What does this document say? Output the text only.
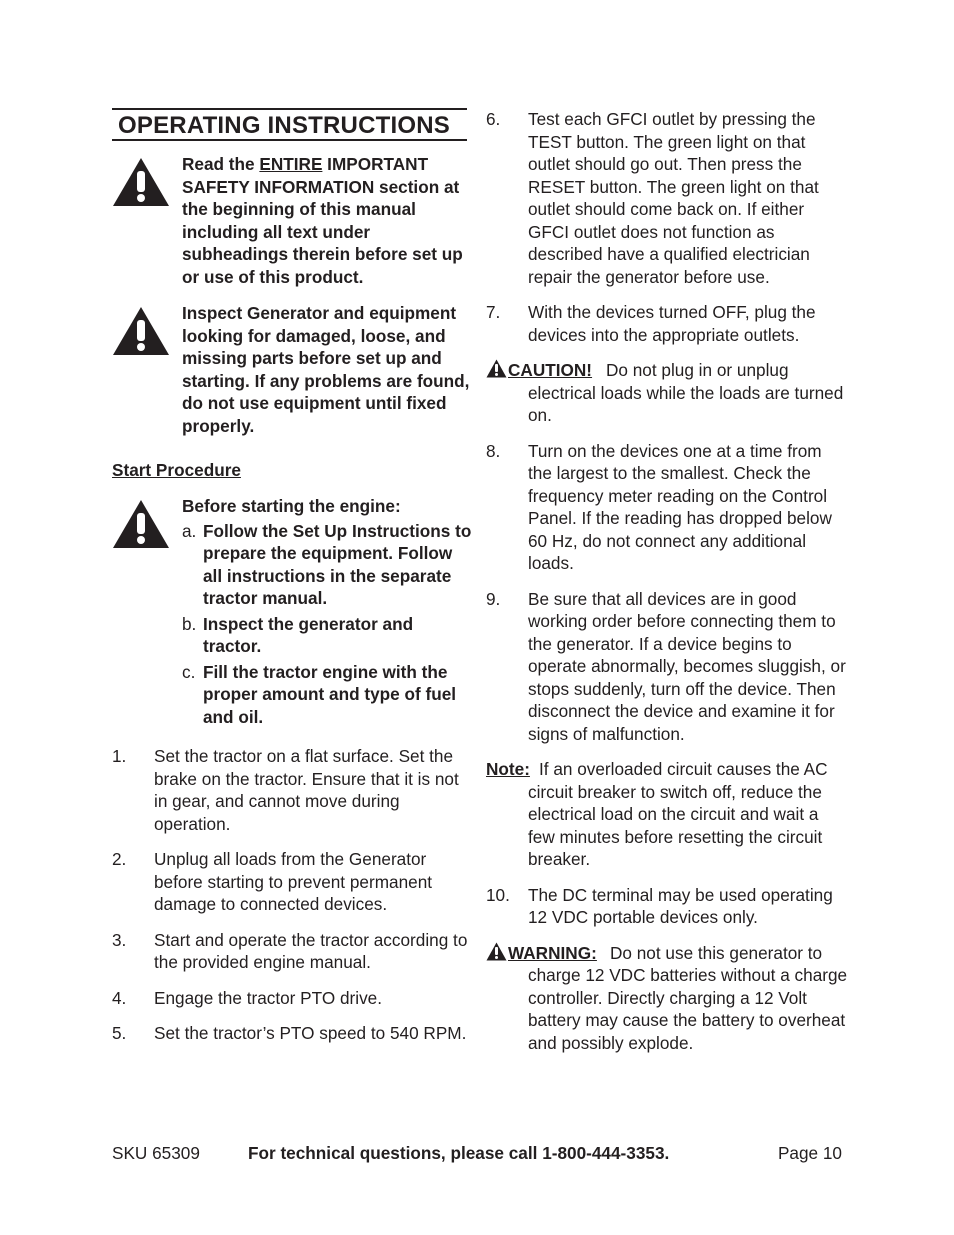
OPERATING INSTRUCTIONS

Read the ENTIRE IMPORTANT SAFETY INFORMATION section at the beginning of this manual including all text under subheadings therein before set up or use of this product.

Inspect Generator and equipment looking for damaged, loose, and missing parts before set up and starting. If any problems are found, do not use equipment until fixed properly.

Start Procedure

Before starting the engine:

a. Follow the Set Up Instructions to prepare the equipment. Follow all instructions in the separate tractor manual.
b. Inspect the generator and tractor.
c. Fill the tractor engine with the proper amount and type of fuel and oil.
1. Set the tractor on a flat surface. Set the brake on the tractor. Ensure that it is not in gear, and cannot move during operation.
2. Unplug all loads from the Generator before starting to prevent permanent damage to connected devices.
3. Start and operate the tractor according to the provided engine manual.
4. Engage the tractor PTO drive.
5. Set the tractor’s PTO speed to 540 RPM.
6. Test each GFCI outlet by pressing the TEST button. The green light on that outlet should go out. Then press the RESET button. The green light on that outlet should come back on. If either GFCI outlet does not function as described have a qualified electrician repair the generator before use.
7. With the devices turned OFF, plug the devices into the appropriate outlets.
CAUTION! Do not plug in or unplug electrical loads while the loads are turned on.
8. Turn on the devices one at a time from the largest to the smallest. Check the frequency meter reading on the Control Panel. If the reading has dropped below 60 Hz, do not connect any additional loads.
9. Be sure that all devices are in good working order before connecting them to the generator. If a device begins to operate abnormally, becomes sluggish, or stops suddenly, turn off the device. Then disconnect the device and examine it for signs of malfunction.
Note: If an overloaded circuit causes the AC circuit breaker to switch off, reduce the electrical load on the circuit and wait a few minutes before resetting the circuit breaker.
10. The DC terminal may be used operating 12 VDC portable devices only.
WARNING: Do not use this generator to charge 12 VDC batteries without a charge controller. Directly charging a 12 Volt battery may cause the battery to overheat and possibly explode.
SKU 65309	For technical questions, please call 1-800-444-3353.	Page 10
